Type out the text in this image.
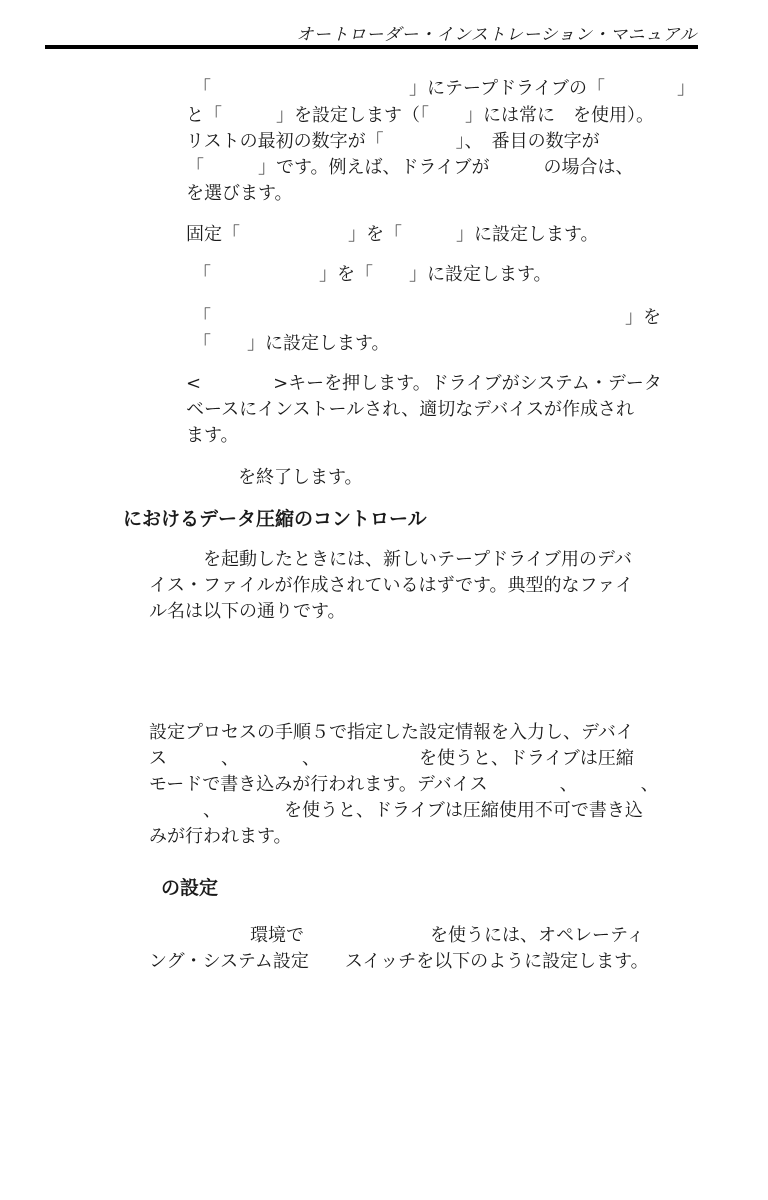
オートローダー・インストレーション・マニュアル
「　　　　　　　　　　　」にテープドライブの「　　　　」
と「　　　」を設定します（「　　」には常に　を使用）。
リストの最初の数字が「　　　　」、　番目の数字が
「　　　」です。例えば、ドライブが　　　の場合は、
を選びます。
固定「　　　　　　」を「　　　」に設定します。
「　　　　　　」を「　　」に設定します。
「　　　　　　　　　　　　　　　　　　　　　　　」を
「　　」に設定します。
<　　　　>キーを押します。ドライブがシステム・データ
ベースにインストールされ、適切なデバイスが作成され
ます。
を終了します。
におけるデータ圧縮のコントロール
を起動したときには、新しいテープドライブ用のデバ
イス・ファイルが作成されているはずです。典型的なファイ
ル名は以下の通りです。
設定プロセスの手順５で指定した設定情報を入力し、デバイ
ス　　　、　　　　、　　　　　　を使うと、ドライブは圧縮
モードで書き込みが行われます。デバイス　　　　、　　　　、
、　　　　を使うと、ドライブは圧縮使用不可で書き込
みが行われます。
の設定
環境で　　　　　　　を使うには、オペレーティ
ング・システム設定　　スイッチを以下のように設定します。
